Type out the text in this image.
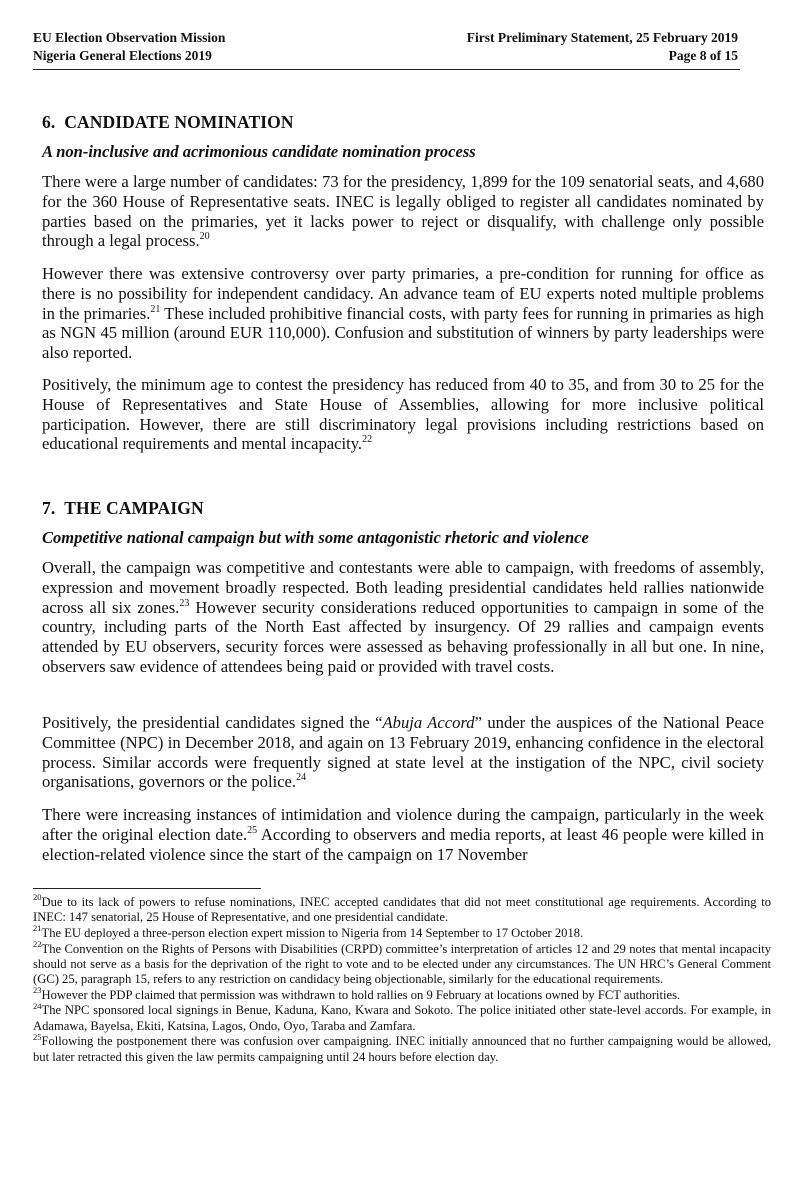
EU Election Observation Mission
Nigeria General Elections 2019
First Preliminary Statement, 25 February 2019
Page 8 of 15
6.  CANDIDATE NOMINATION
A non-inclusive and acrimonious candidate nomination process

There were a large number of candidates: 73 for the presidency, 1,899 for the 109 senatorial seats, and 4,680 for the 360 House of Representative seats. INEC is legally obliged to register all candidates nominated by parties based on the primaries, yet it lacks power to reject or disqualify, with challenge only possible through a legal process.$^{20}$

However there was extensive controversy over party primaries, a pre-condition for running for office as there is no possibility for independent candidacy. An advance team of EU experts noted multiple problems in the primaries.$^{21}$ These included prohibitive financial costs, with party fees for running in primaries as high as NGN 45 million (around EUR 110,000). Confusion and substitution of winners by party leaderships were also reported.

Positively, the minimum age to contest the presidency has reduced from 40 to 35, and from 30 to 25 for the House of Representatives and State House of Assemblies, allowing for more inclusive political participation. However, there are still discriminatory legal provisions including restrictions based on educational requirements and mental incapacity.$^{22}$

7.  THE CAMPAIGN
Competitive national campaign but with some antagonistic rhetoric and violence

Overall, the campaign was competitive and contestants were able to campaign, with freedoms of assembly, expression and movement broadly respected. Both leading presidential candidates held rallies nationwide across all six zones.$^{23}$ However security considerations reduced opportunities to campaign in some of the country, including parts of the North East affected by insurgency. Of 29 rallies and campaign events attended by EU observers, security forces were assessed as behaving professionally in all but one. In nine, observers saw evidence of attendees being paid or provided with travel costs.

Positively, the presidential candidates signed the “Abuja Accord” under the auspices of the National Peace Committee (NPC) in December 2018, and again on 13 February 2019, enhancing confidence in the electoral process. Similar accords were frequently signed at state level at the instigation of the NPC, civil society organisations, governors or the police.$^{24}$

There were increasing instances of intimidation and violence during the campaign, particularly in the week after the original election date.$^{25}$ According to observers and media reports, at least 46 people were killed in election-related violence since the start of the campaign on 17 November

$^{20}$Due to its lack of powers to refuse nominations, INEC accepted candidates that did not meet constitutional age requirements. According to INEC: 147 senatorial, 25 House of Representative, and one presidential candidate.

$^{21}$The EU deployed a three-person election expert mission to Nigeria from 14 September to 17 October 2018.

$^{22}$The Convention on the Rights of Persons with Disabilities (CRPD) committee’s interpretation of articles 12 and 29 notes that mental incapacity should not serve as a basis for the deprivation of the right to vote and to be elected under any circumstances. The UN HRC’s General Comment (GC) 25, paragraph 15, refers to any restriction on candidacy being objectionable, similarly for the educational requirements.

$^{23}$However the PDP claimed that permission was withdrawn to hold rallies on 9 February at locations owned by FCT authorities.

$^{24}$The NPC sponsored local signings in Benue, Kaduna, Kano, Kwara and Sokoto. The police initiated other state-level accords. For example, in Adamawa, Bayelsa, Ekiti, Katsina, Lagos, Ondo, Oyo, Taraba and Zamfara.

$^{25}$Following the postponement there was confusion over campaigning. INEC initially announced that no further campaigning would be allowed, but later retracted this given the law permits campaigning until 24 hours before election day.
